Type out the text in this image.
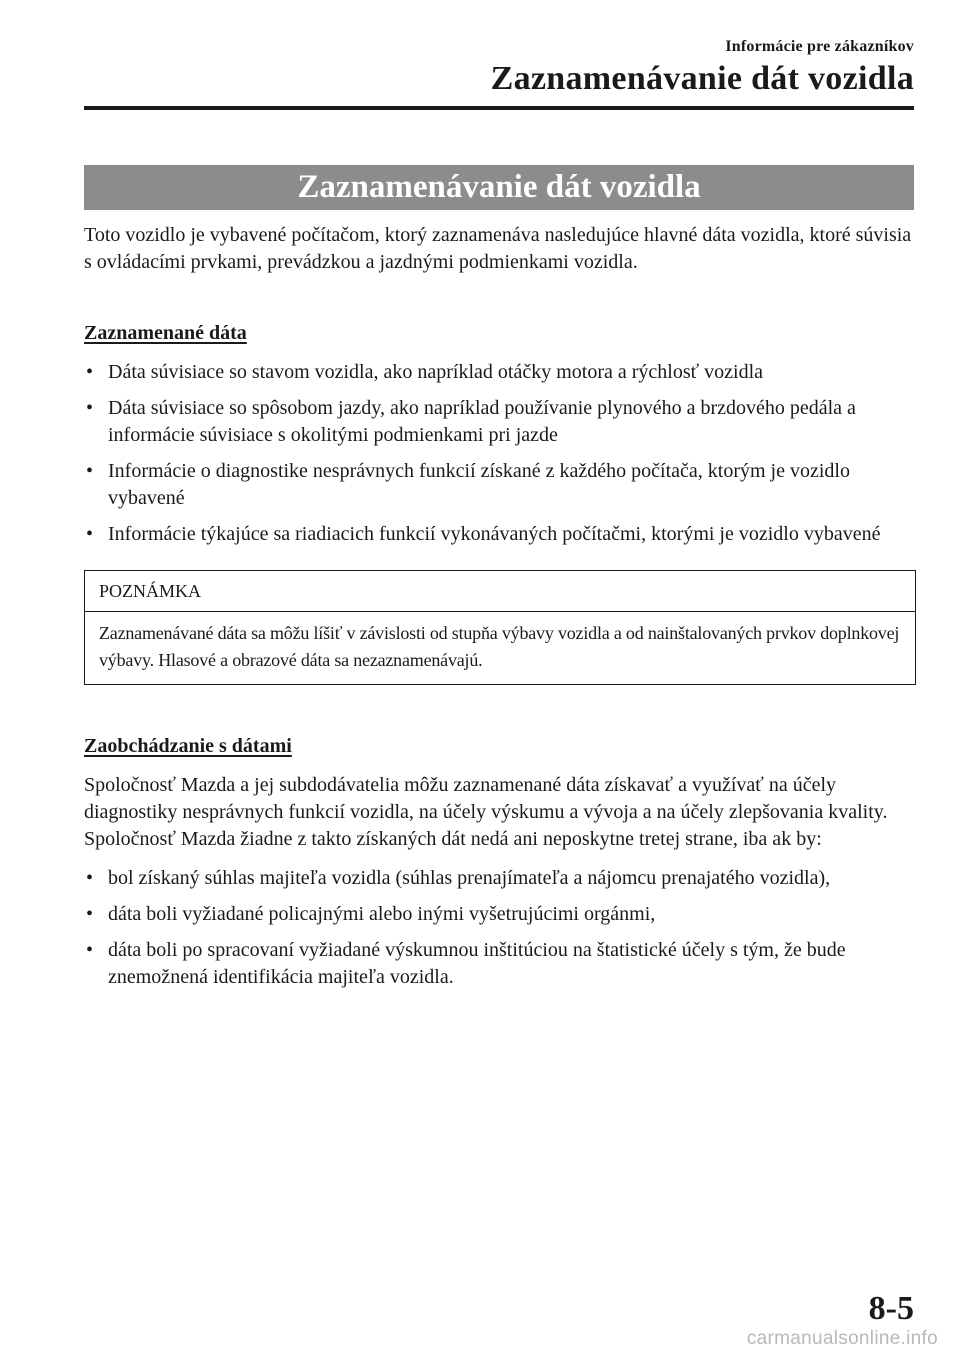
Informácie pre zákazníkov
Zaznamenávanie dát vozidla
Zaznamenávanie dát vozidla

Toto vozidlo je vybavené počítačom, ktorý zaznamenáva nasledujúce hlavné dáta vozidla, ktoré súvisia s ovládacími prvkami, prevádzkou a jazdnými podmienkami vozidla.

Zaznamenané dáta

• Dáta súvisiace so stavom vozidla, ako napríklad otáčky motora a rýchlosť vozidla
• Dáta súvisiace so spôsobom jazdy, ako napríklad používanie plynového a brzdového pedála a informácie súvisiace s okolitými podmienkami pri jazde
• Informácie o diagnostike nesprávnych funkcií získané z každého počítača, ktorým je vozidlo vybavené
• Informácie týkajúce sa riadiacich funkcií vykonávaných počítačmi, ktorými je vozidlo vybavené
POZNÁMKA
Zaznamenávané dáta sa môžu líšiť v závislosti od stupňa výbavy vozidla a od nainštalovaných prvkov doplnkovej výbavy. Hlasové a obrazové dáta sa nezaznamenávajú.

Zaobchádzanie s dátami

Spoločnosť Mazda a jej subdodávatelia môžu zaznamenané dáta získavať a využívať na účely diagnostiky nesprávnych funkcií vozidla, na účely výskumu a vývoja a na účely zlepšovania kvality.

Spoločnosť Mazda žiadne z takto získaných dát nedá ani neposkytne tretej strane, iba ak by:

• bol získaný súhlas majiteľa vozidla (súhlas prenajímateľa a nájomcu prenajatého vozidla),
• dáta boli vyžiadané policajnými alebo inými vyšetrujúcimi orgánmi,
• dáta boli po spracovaní vyžiadané výskumnou inštitúciou na štatistické účely s tým, že bude znemožnená identifikácia majiteľa vozidla.
8-5
carmanualsonline.info
